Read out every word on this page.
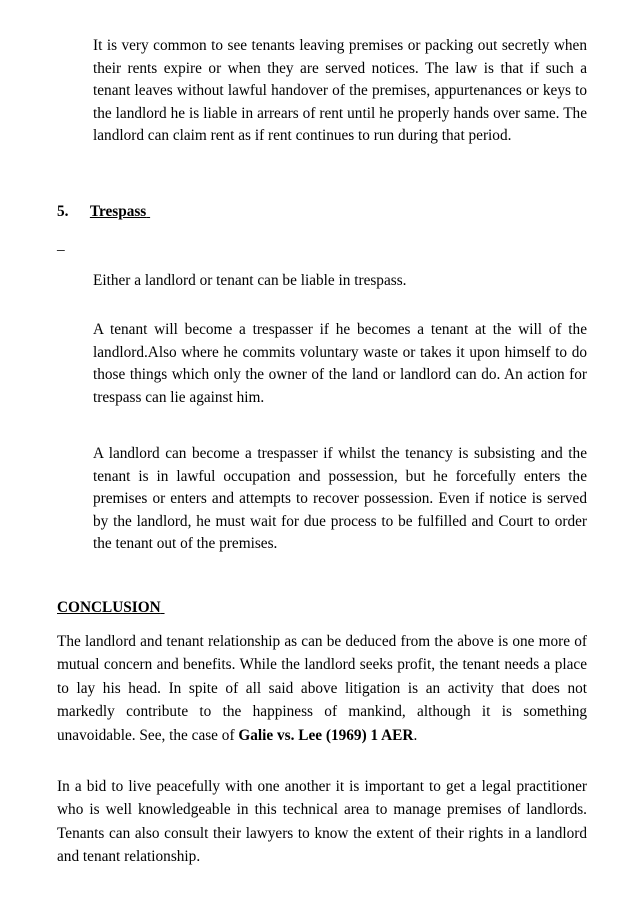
It is very common to see tenants leaving premises or packing out secretly when their rents expire or when they are served notices. The law is that if such a tenant leaves without lawful handover of the premises, appurtenances or keys to the landlord he is liable in arrears of rent until he properly hands over same. The landlord can claim rent as if rent continues to run during that period.

5. Trespass
_

Either a landlord or tenant can be liable in trespass.

A tenant will become a trespasser if he becomes a tenant at the will of the landlord.Also where he commits voluntary waste or takes it upon himself to do those things which only the owner of the land or landlord can do. An action for trespass can lie against him.

A landlord can become a trespasser if whilst the tenancy is subsisting and the tenant is in lawful occupation and possession, but he forcefully enters the premises or enters and attempts to recover possession. Even if notice is served by the landlord, he must wait for due process to be fulfilled and Court to order the tenant out of the premises.

CONCLUSION

The landlord and tenant relationship as can be deduced from the above is one more of mutual concern and benefits. While the landlord seeks profit, the tenant needs a place to lay his head. In spite of all said above litigation is an activity that does not markedly contribute to the happiness of mankind, although it is something unavoidable. See, the case of Galie vs. Lee (1969) 1 AER.

In a bid to live peacefully with one another it is important to get a legal practitioner who is well knowledgeable in this technical area to manage premises of landlords. Tenants can also consult their lawyers to know the extent of their rights in a landlord and tenant relationship.
